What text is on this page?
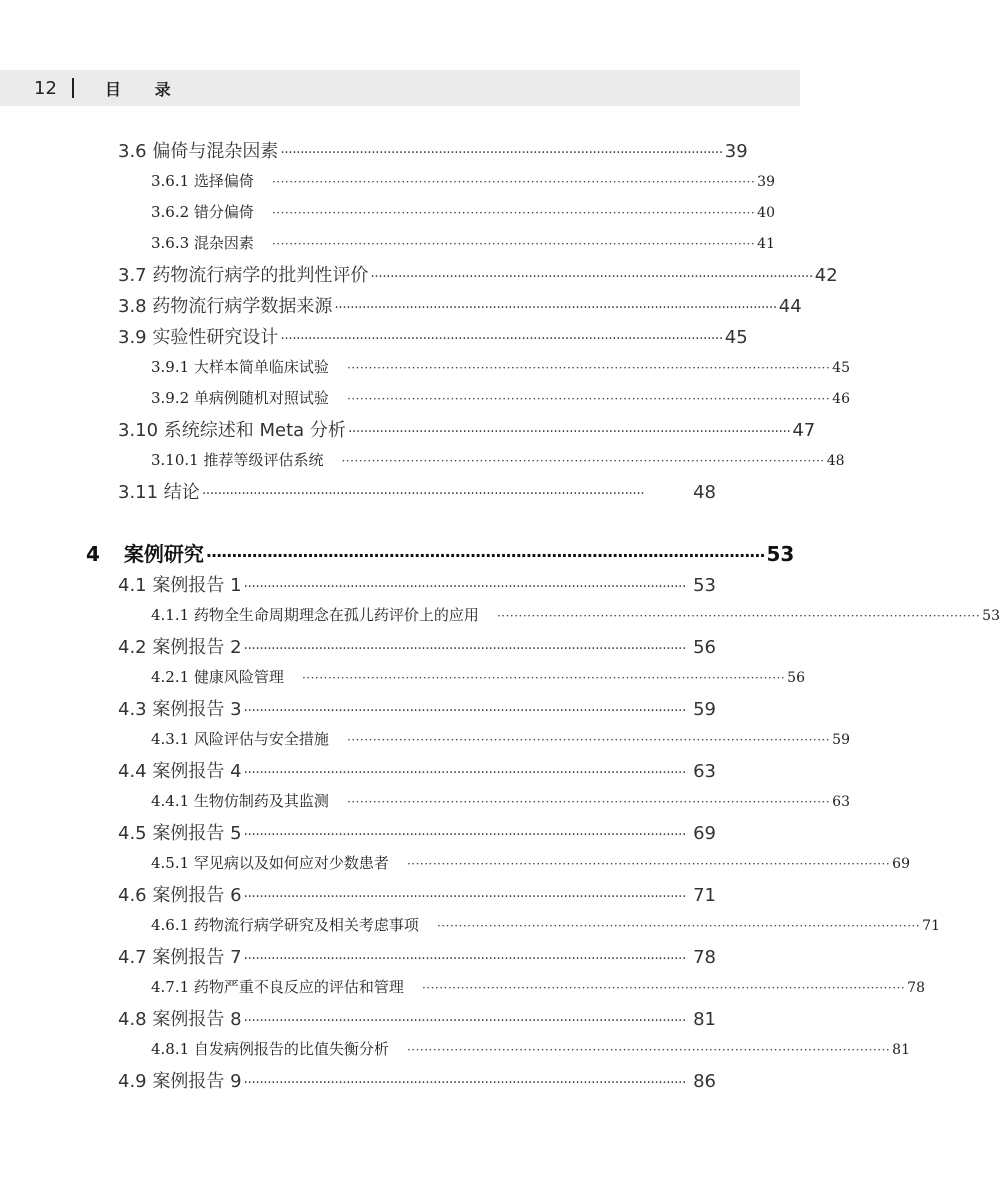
12	目 录
3.6 偏倚与混杂因素 ················································································································ 39
3.6.1 选择偏倚 ················································································································ 39
3.6.2 错分偏倚 ················································································································ 40
3.6.3 混杂因素 ················································································································ 41
3.7 药物流行病学的批判性评价 ················································································································ 42
3.8 药物流行病学数据来源 ················································································································ 44
3.9 实验性研究设计 ················································································································ 45
3.9.1 大样本简单临床试验 ················································································································ 45
3.9.2 单病例随机对照试验 ················································································································ 46
3.10 系统综述和 Meta 分析 ················································································································ 47
3.10.1 推荐等级评估系统 ················································································································ 48
3.11 结论 ················································································································	48
4 案例研究 ·············································································································· 53
4.1 案例报告 1 ················································································································ 53
4.1.1 药物全生命周期理念在孤儿药评价上的应用 ················································································································ 53
4.2 案例报告 2 ················································································································ 56
4.2.1 健康风险管理 ················································································································ 56
4.3 案例报告 3 ················································································································ 59
4.3.1 风险评估与安全措施 ················································································································ 59
4.4 案例报告 4 ················································································································ 63
4.4.1 生物仿制药及其监测 ················································································································ 63
4.5 案例报告 5 ················································································································ 69
4.5.1 罕见病以及如何应对少数患者 ················································································································ 69
4.6 案例报告 6 ················································································································ 71
4.6.1 药物流行病学研究及相关考虑事项 ················································································································ 71
4.7 案例报告 7 ················································································································ 78
4.7.1 药物严重不良反应的评估和管理 ················································································································ 78
4.8 案例报告 8 ················································································································ 81
4.8.1 自发病例报告的比值失衡分析 ················································································································ 81
4.9 案例报告 9 ················································································································ 86
